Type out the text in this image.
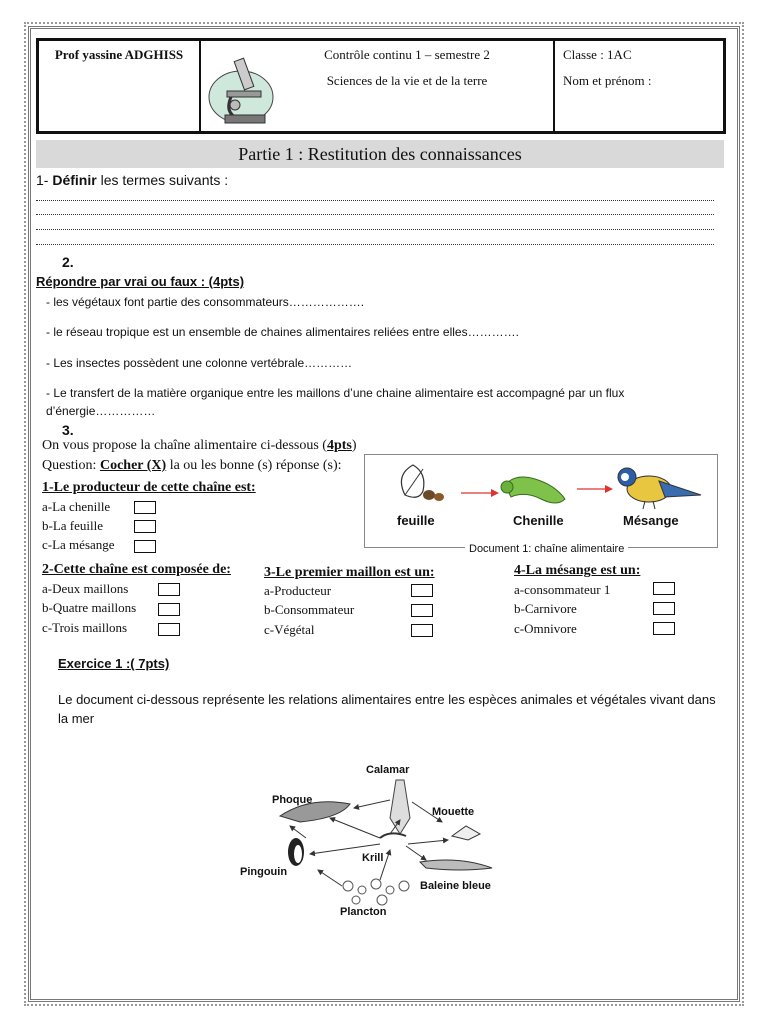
Prof yassine ADGHISS	Contrôle continu 1 – semestre 2
Sciences de la vie et de la terre
Classe : 1AC
Nom et prénom :
Partie 1 : Restitution des connaissances
1- Définir les termes suivants :
2.
Répondre par vrai ou faux : (4pts)
- les végétaux font partie des consommateurs……………….
- le réseau tropique est un ensemble de chaines alimentaires reliées entre elles………….
- Les insectes possèdent une colonne vertébrale…………
- Le transfert de la matière organique entre les maillons d’une chaine alimentaire est accompagné par un flux d’énergie……………
3.
On vous propose la chaîne alimentaire ci-dessous (4pts)
Question: Cocher (X) la ou les bonne (s) réponse (s):
feuille	Chenille	Mésange
Document 1: chaîne alimentaire
1-Le producteur de cette chaîne est:
a-La chenille
b-La feuille
c-La mésange
2-Cette chaîne est composée de:
a-Deux maillons
b-Quatre maillons
c-Trois maillons
3-Le premier maillon est un:
a-Producteur
b-Consommateur
c-Végétal
4-La mésange est un:
a-consommateur 1
b-Carnivore
c-Omnivore
Exercice 1 :( 7pts)
Le document ci-dessous représente les relations alimentaires entre les espèces animales et végétales vivant dans la mer
Calamar
Phoque
Mouette
Krill
Pingouin
Baleine bleue
Plancton
